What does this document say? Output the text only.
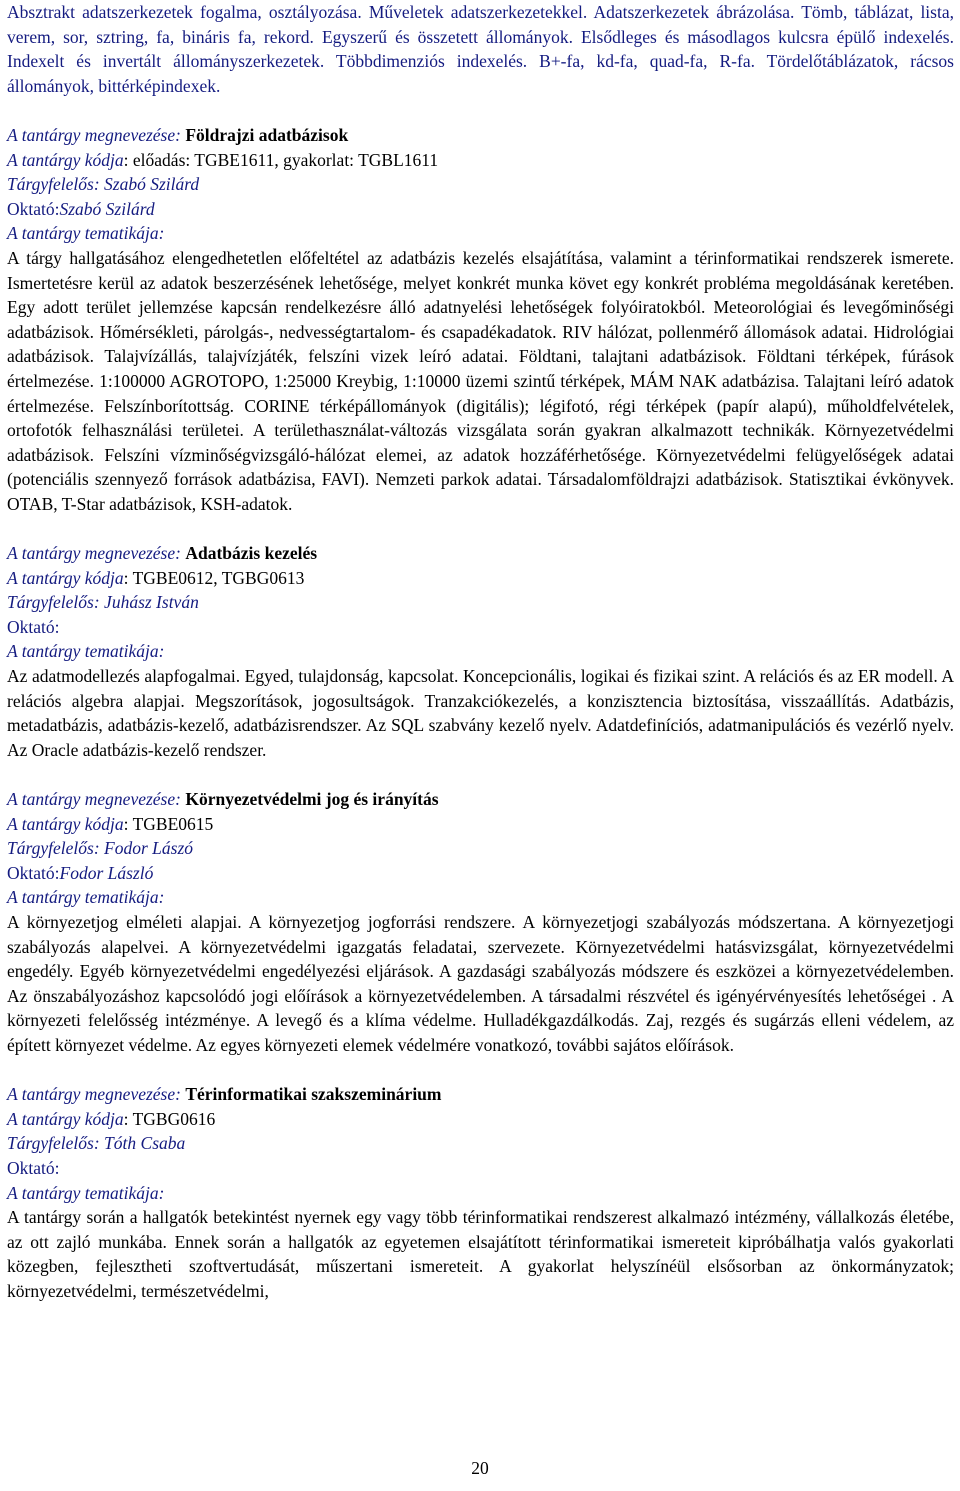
Absztrakt adatszerkezetek fogalma, osztályozása. Műveletek adatszerkezetekkel. Adatszerkezetek ábrázolása. Tömb, táblázat, lista, verem, sor, sztring, fa, bináris fa, rekord. Egyszerű és összetett állományok. Elsődleges és másodlagos kulcsra épülő indexelés. Indexelt és invertált állományszerkezetek. Többdimenziós indexelés. B+-fa, kd-fa, quad-fa, R-fa. Tördelőtáblázatok, rácsos állományok, bittérképindexek.

A tantárgy megnevezése: Földrajzi adatbázisok

A tantárgy kódja: előadás: TGBE1611, gyakorlat: TGBL1611

Tárgyfelelős: Szabó Szilárd

Oktató:Szabó Szilárd

A tantárgy tematikája:

A tárgy hallgatásához elengedhetetlen előfeltétel az adatbázis kezelés elsajátítása, valamint a térinformatikai rendszerek ismerete. Ismertetésre kerül az adatok beszerzésének lehetősége, melyet konkrét munka követ egy konkrét probléma megoldásának keretében. Egy adott terület jellemzése kapcsán rendelkezésre álló adatnyelési lehetőségek folyóiratokból. Meteorológiai és levegőminőségi adatbázisok. Hőmérsékleti, párolgás-, nedvességtartalom- és csapadékadatok. RIV hálózat, pollenmérő állomások adatai. Hidrológiai adatbázisok. Talajvízállás, talajvízjáték, felszíni vizek leíró adatai. Földtani, talajtani adatbázisok. Földtani térképek, fúrások értelmezése. 1:100000 AGROTOPO, 1:25000 Kreybig, 1:10000 üzemi szintű térképek, MÁM NAK adatbázisa. Talajtani leíró adatok értelmezése. Felszínborítottság. CORINE térképállományok (digitális); légifotó, régi térképek (papír alapú), műholdfelvételek, ortofotók felhasználási területei. A területhasználat-változás vizsgálata során gyakran alkalmazott technikák. Környezetvédelmi adatbázisok. Felszíni vízminőségvizsgáló-hálózat elemei, az adatok hozzáférhetősége. Környezetvédelmi felügyelőségek adatai (potenciális szennyező források adatbázisa, FAVI). Nemzeti parkok adatai. Társadalomföldrajzi adatbázisok. Statisztikai évkönyvek. OTAB, T-Star adatbázisok, KSH-adatok.

A tantárgy megnevezése: Adatbázis kezelés

A tantárgy kódja: TGBE0612, TGBG0613

Tárgyfelelős: Juhász István

Oktató:

A tantárgy tematikája:

Az adatmodellezés alapfogalmai. Egyed, tulajdonság, kapcsolat. Koncepcionális, logikai és fizikai szint. A relációs és az ER modell. A relációs algebra alapjai. Megszorítások, jogosultságok. Tranzakciókezelés, a konzisztencia biztosítása, visszaállítás. Adatbázis, metadatbázis, adatbázis-kezelő, adatbázisrendszer. Az SQL szabvány kezelő nyelv. Adatdefiníciós, adatmanipulációs és vezérlő nyelv. Az Oracle adatbázis-kezelő rendszer.

A tantárgy megnevezése: Környezetvédelmi jog és irányítás

A tantárgy kódja: TGBE0615

Tárgyfelelős: Fodor Lászó

Oktató:Fodor László

A tantárgy tematikája:

A környezetjog elméleti alapjai. A környezetjog jogforrási rendszere. A környezetjogi szabályozás módszertana. A környezetjogi szabályozás alapelvei. A környezetvédelmi igazgatás feladatai, szervezete. Környezetvédelmi hatásvizsgálat, környezetvédelmi engedély. Egyéb környezetvédelmi engedélyezési eljárások. A gazdasági szabályozás módszere és eszközei a környezetvédelemben. Az önszabályozáshoz kapcsolódó jogi előírások a környezetvédelemben. A társadalmi részvétel és igényérvényesítés lehetőségei . A környezeti felelősség intézménye. A levegő és a klíma védelme. Hulladékgazdálkodás. Zaj, rezgés és sugárzás elleni védelem, az épített környezet védelme. Az egyes környezeti elemek védelmére vonatkozó, további sajátos előírások.

A tantárgy megnevezése: Térinformatikai szakszeminárium

A tantárgy kódja: TGBG0616

Tárgyfelelős: Tóth Csaba

Oktató:

A tantárgy tematikája:

A tantárgy során a hallgatók betekintést nyernek egy vagy több térinformatikai rendszerest alkalmazó intézmény, vállalkozás életébe, az ott zajló munkába. Ennek során a hallgatók az egyetemen elsajátított térinformatikai ismereteit kipróbálhatja valós gyakorlati közegben, fejlesztheti szoftvertudását, műszertani ismereteit. A gyakorlat helyszínéül elsősorban az önkormányzatok; környezetvédelmi, természetvédelmi,

20
